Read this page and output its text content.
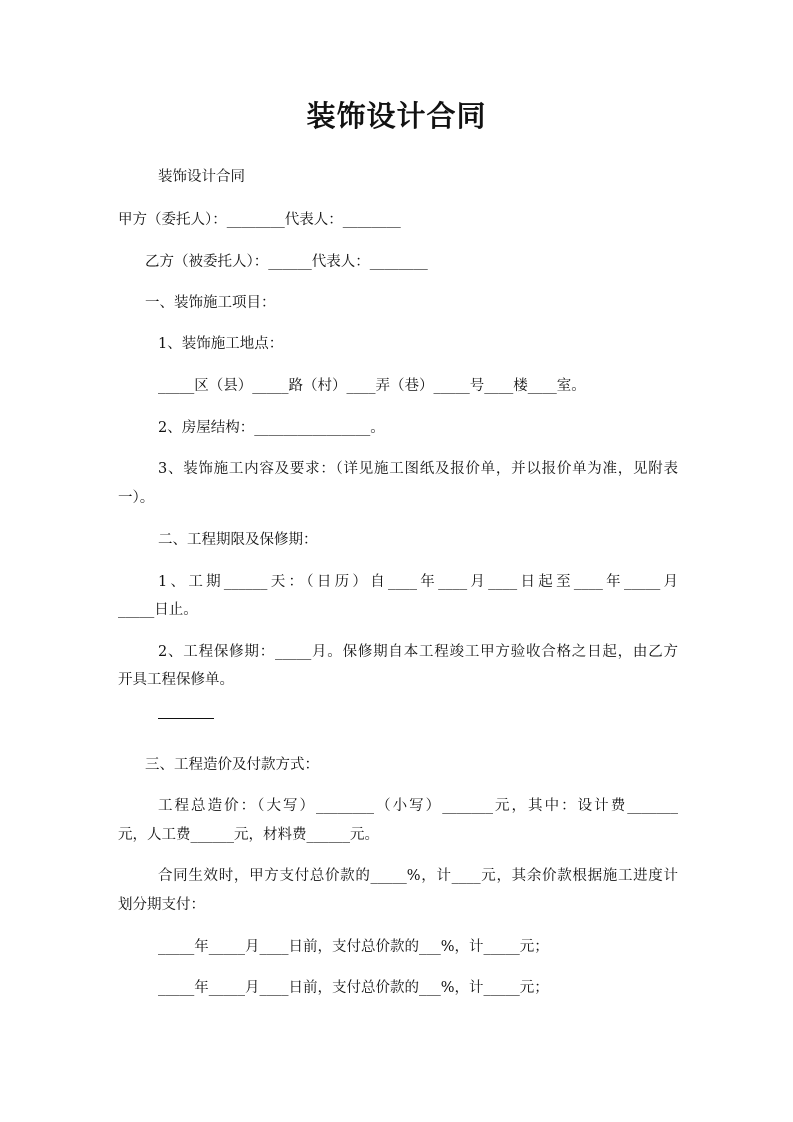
装饰设计合同
装饰设计合同
甲方（委托人）：________代表人：________
乙方（被委托人）：______代表人：________
一、装饰施工项目：
1、装饰施工地点：
_____区（县）_____路（村）____弄（巷）_____号____楼____室。
2、房屋结构：________________。
3、装饰施工内容及要求：（详见施工图纸及报价单，并以报价单为准，见附表
一）。
二、工程期限及保修期：
1、工期______天：（日历）自____年____月____日起至____年_____月
_____日止。
2、工程保修期：_____月。保修期自本工程竣工甲方验收合格之日起，由乙方
开具工程保修单。
三、工程造价及付款方式：
工程总造价：（大写）________（小写）_______元，其中：设计费_______
元，人工费______元，材料费______元。
合同生效时，甲方支付总价款的_____%，计____元，其余价款根据施工进度计
划分期支付：
_____年_____月____日前，支付总价款的___%，计_____元；
_____年_____月____日前，支付总价款的___%，计_____元；
